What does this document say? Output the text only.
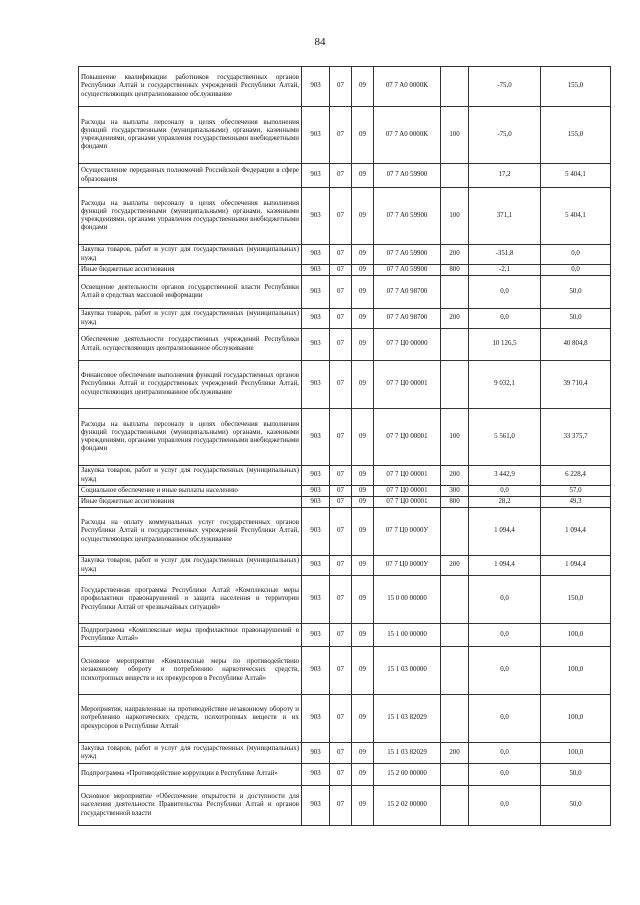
84
Повышение квалификации работников государственных органов Республики Алтай и государственных учреждений Республики Алтай, осуществляющих централизованное обслуживание	903	07	09	07 7 A0 0000K		-75,0	155,0
Расходы на выплаты персоналу в целях обеспечения выполнения функций государственными (муниципальными) органами, казенными учреждениями, органами управления государственными внебюджетными фондами	903	07	09	07 7 A0 0000K	100	-75,0	155,0
Осуществление переданных полномочий Российской Федерации в сфере образования	903	07	09	07 7 A0 59900		17,2	5 404,1
Расходы на выплаты персоналу в целях обеспечения выполнения функций государственными (муниципальными) органами, казенными учреждениями, органами управления государственными внебюджетными фондами	903	07	09	07 7 A0 59900	100	371,1	5 404,1
Закупка товаров, работ и услуг для государственных (муниципальных) нужд	903	07	09	07 7 A0 59900	200	-351,8	0,0
Иные бюджетные ассигнования	903	07	09	07 7 A0 59900	800	-2,1	0,0
Освещение деятельности органов государственной власти Республики Алтай в средствах массовой информации	903	07	09	07 7 A0 98700		0,0	50,0
Закупка товаров, работ и услуг для государственных (муниципальных) нужд	903	07	09	07 7 A0 98700	200	0,0	50,0
Обеспечение деятельности государственных учреждений Республики Алтай, осуществляющих централизованное обслуживание	903	07	09	07 7 Ц0 00000		10 126,5	40 804,8
Финансовое обеспечение выполнения функций государственных органов Республики Алтай и государственных учреждений Республики Алтай, осуществляющих централизованное обслуживание	903	07	09	07 7 Ц0 00001		9 032,1	39 710,4
Расходы на выплаты персоналу в целях обеспечения выполнения функций государственными (муниципальными) органами, казенными учреждениями, органами управления государственными внебюджетными фондами	903	07	09	07 7 Ц0 00001	100	5 561,0	33 375,7
Закупка товаров, работ и услуг для государственных (муниципальных) нужд	903	07	09	07 7 Ц0 00001	200	3 442,9	6 228,4
Социальное обеспечение и иные выплаты населению	903	07	09	07 7 Ц0 00001	300	0,0	57,0
Иные бюджетные ассигнования	903	07	09	07 7 Ц0 00001	800	28,2	49,3
Расходы на оплату коммунальных услуг государственных органов Республики Алтай и государственных учреждений Республики Алтай, осуществляющих централизованное обслуживание	903	07	09	07 7 Ц0 0000У		1 094,4	1 094,4
Закупка товаров, работ и услуг для государственных (муниципальных) нужд	903	07	09	07 7 Ц0 0000У	200	1 094,4	1 094,4
Государственная программа Республики Алтай «Комплексные меры профилактики правонарушений и защита населения и территории Республики Алтай от чрезвычайных ситуаций»	903	07	09	15 0 00 00000		0,0	150,0
Подпрограмма «Комплексные меры профилактики правонарушений в Республике Алтай»	903	07	09	15 1 00 00000		0,0	100,0
Основное мероприятие «Комплексные меры по противодействию незаконному обороту и потреблению наркотических средств, психотропных веществ и их прекурсоров в Республике Алтай»	903	07	09	15 1 03 00000		0,0	100,0
Мероприятия, направленные на противодействие незаконному обороту и потреблению наркотических средств, психотропных веществ и их прекурсоров в Республике Алтай	903	07	09	15 1 03 82029		0,0	100,0
Закупка товаров, работ и услуг для государственных (муниципальных) нужд	903	07	09	15 1 03 82029	200	0,0	100,0
Подпрограмма «Противодействие коррупции в Республике Алтай»	903	07	09	15 2 00 00000		0,0	50,0
Основное мероприятие «Обеспечение открытости и доступности для населения деятельности Правительства Республики Алтай и органов государственной власти	903	07	09	15 2 02 00000		0,0	50,0
